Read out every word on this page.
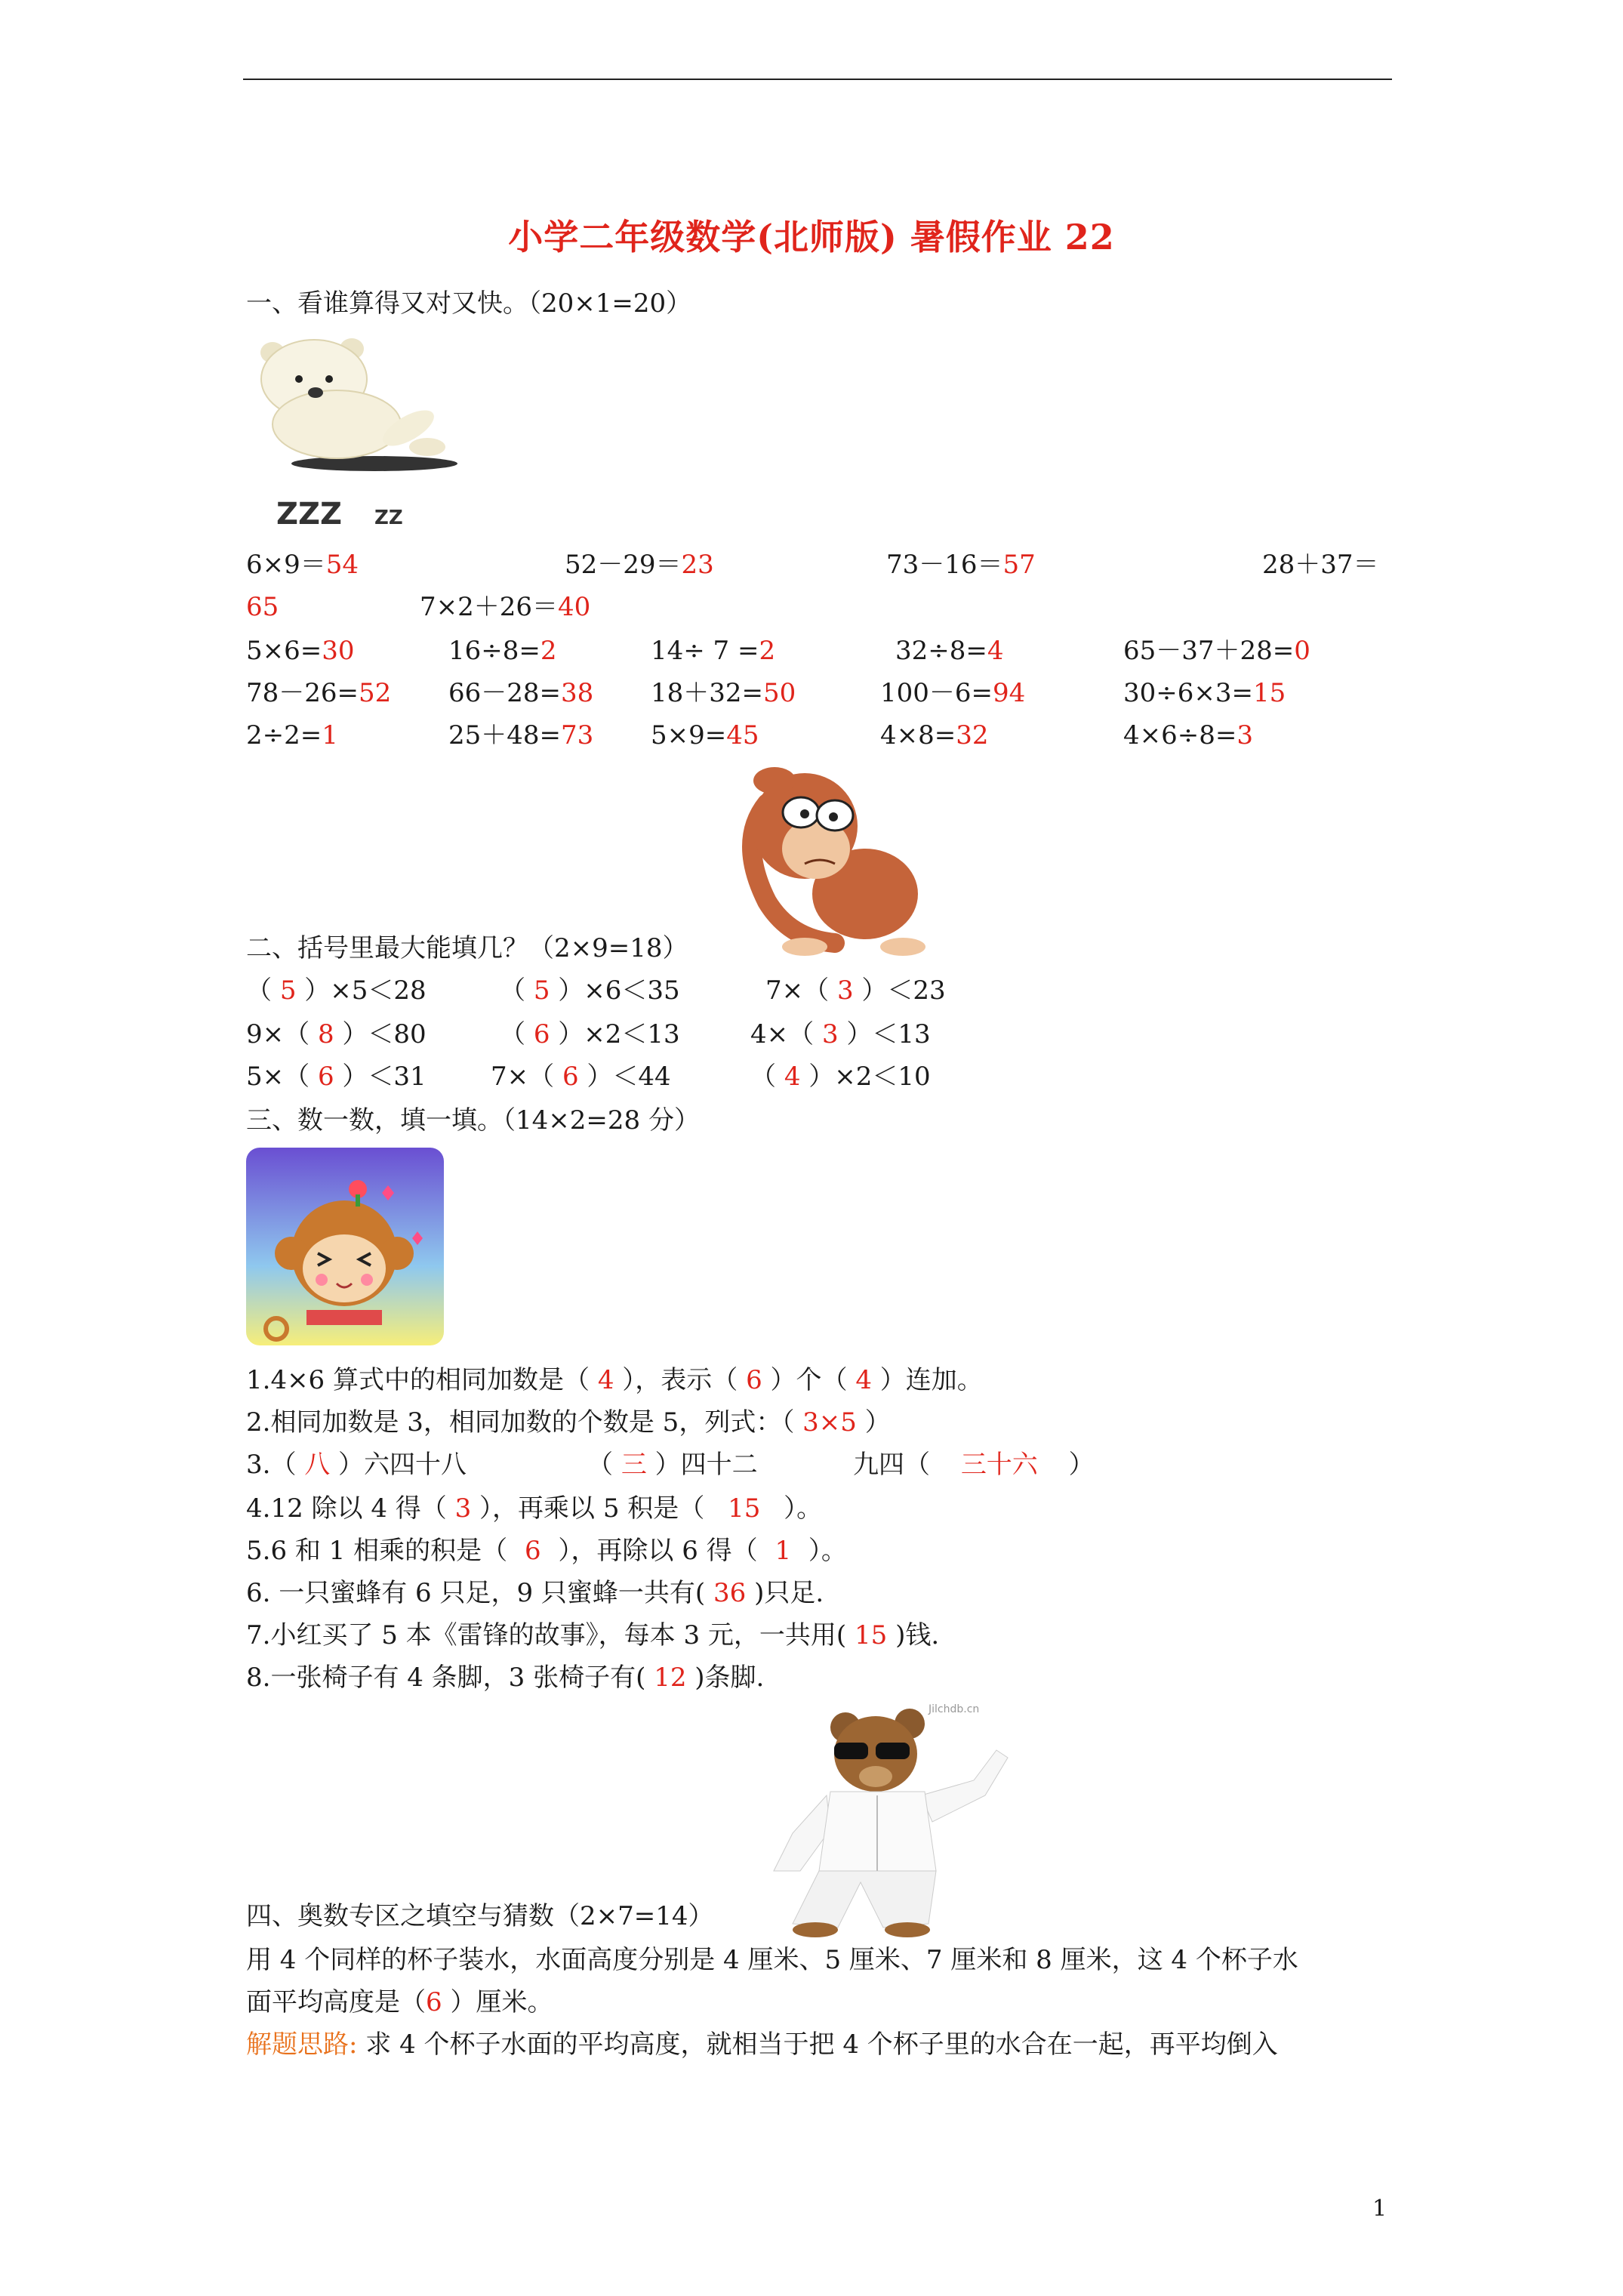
小学二年级数学(北师版) 暑假作业 22
一、看谁算得又对又快。（20×1=20）
ZZZ ZZ
6×9＝54	52－29＝23	73－16＝57	28＋37＝
65	7×2＋26＝40
5×6=30	16÷8=2	14÷ 7 =2	32÷8=4	65－37＋28=0
78－26=52 66－28=38 18＋32=50	100－6=94	30÷6×3=15
2÷2=1	25＋48=73 5×9=45	4×8=32	4×6÷8=3
二、括号里最大能填几？（2×9=18）
（ 5 ）×5＜28	（ 5 ）×6＜35	7×（ 3 ）＜23
9×（ 8 ）＜80	（ 6 ）×2＜13	4×（ 3 ）＜13
5×（ 6 ）＜31	7×（ 6 ）＜44	（ 4 ）×2＜10
三、数一数，填一填。（14×2=28 分）
1.4×6 算式中的相同加数是（ 4 ），表示（ 6 ）个（ 4 ）连加。
2.相同加数是 3，相同加数的个数是 5，列式：（ 3×5 ）
3.（ 八 ）六四十八	（ 三 ）四十二	九四（ 三十六 ）
4.12 除以 4 得（ 3 ），再乘以 5 积是（ 15 ）。
5.6 和 1 相乘的积是（ 6 ），再除以 6 得（ 1 ）。
6. 一只蜜蜂有 6 只足，9 只蜜蜂一共有( 36 )只足.
7.小红买了 5 本《雷锋的故事》，每本 3 元，一共用( 15 )钱.
8.一张椅子有 4 条脚，3 张椅子有( 12 )条脚.
Jilchdb.cn
四、奥数专区之填空与猜数（2×7=14）
用 4 个同样的杯子装水，水面高度分别是 4 厘米、5 厘米、7 厘米和 8 厘米，这 4 个杯子水
面平均高度是（6 ）厘米。
解题思路: 求 4 个杯子水面的平均高度，就相当于把 4 个杯子里的水合在一起，再平均倒入
1
